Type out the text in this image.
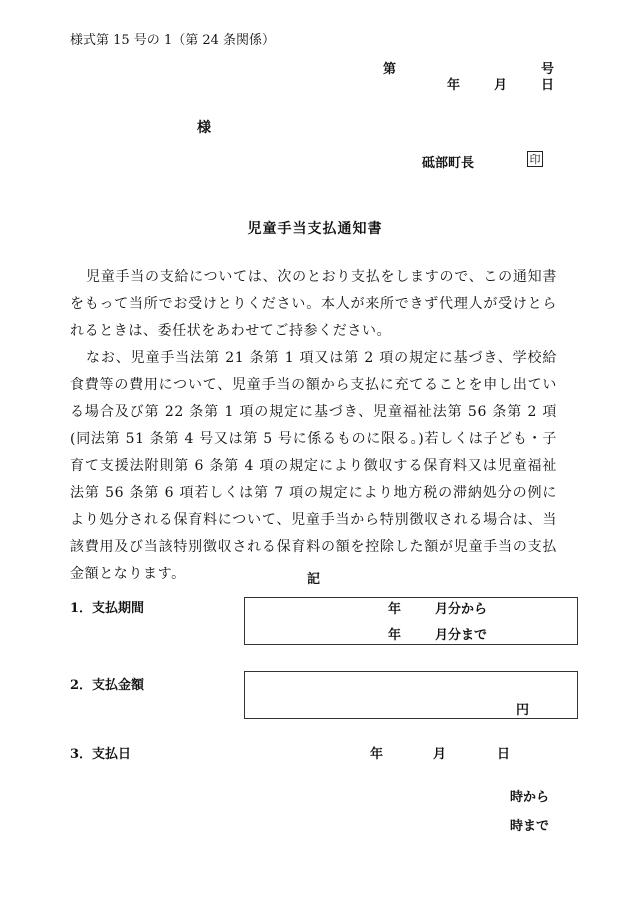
様式第 15 号の 1（第 24 条関係）
第	号
年	月	日
様
砥部町長	印
児童手当支払通知書
児童手当の支給については、次のとおり支払をしますので、この通知書をもって当所でお受けとりください。本人が来所できず代理人が受けとられるときは、委任状をあわせてご持参ください。
なお、児童手当法第 21 条第 1 項又は第 2 項の規定に基づき、学校給食費等の費用について、児童手当の額から支払に充てることを申し出ている場合及び第 22 条第 1 項の規定に基づき、児童福祉法第 56 条第 2 項(同法第 51 条第 4 号又は第 5 号に係るものに限る。)若しくは子ども・子育て支援法附則第 6 条第 4 項の規定により徴収する保育料又は児童福祉法第 56 条第 6 項若しくは第 7 項の規定により地方税の滞納処分の例により処分される保育料について、児童手当から特別徴収される場合は、当該費用及び当該特別徴収される保育料の額を控除した額が児童手当の支払金額となります。	記
1．支払期間	年	月分から
年	月分まで
2．支払金額
円
3．支払日	年	月	日
時から
時まで
